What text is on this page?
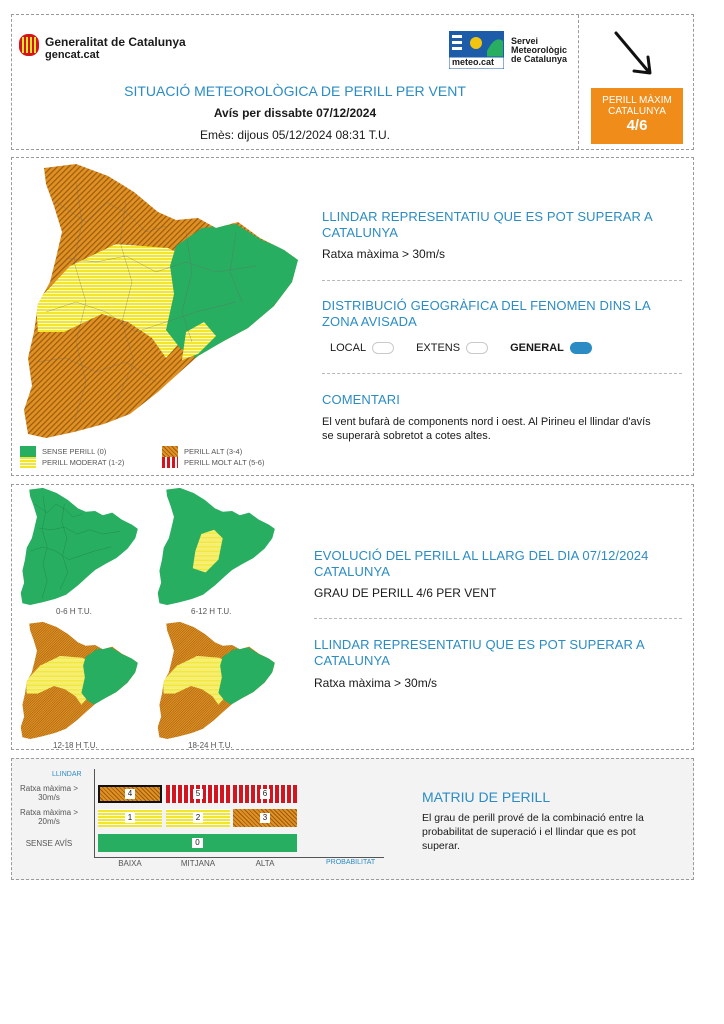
Generalitat de Catalunya
gencat.cat
meteo.cat
Servei
Meteorològic
de Catalunya
SITUACIÓ METEOROLÒGICA DE PERILL PER VENT
Avís per dissabte 07/12/2024
Emès: dijous 05/12/2024 08:31 T.U.
PERILL MÀXIM
CATALUNYA
4/6
SENSE PERILL (0)
PERILL MODERAT (1-2)
PERILL ALT (3-4)
PERILL MOLT ALT (5-6)
LLINDAR REPRESENTATIU QUE ES POT SUPERAR A CATALUNYA
Ratxa màxima > 30m/s
DISTRIBUCIÓ GEOGRÀFICA DEL FENOMEN DINS LA ZONA AVISADA
LOCAL	EXTENS	GENERAL
COMENTARI
El vent bufarà de components nord i oest. Al Pirineu el llindar d'avís se superarà sobretot a cotes altes.
0-6 H T.U.	6-12 H T.U.
12-18 H T.U.	18-24 H T.U.
EVOLUCIÓ DEL PERILL AL LLARG DEL DIA 07/12/2024 CATALUNYA
GRAU DE PERILL 4/6 PER VENT
LLINDAR REPRESENTATIU QUE ES POT SUPERAR A CATALUNYA
Ratxa màxima > 30m/s
LLINDAR
Ratxa màxima > 30m/s
Ratxa màxima > 20m/s
SENSE AVÍS
4	5	6
1	2	3
0
BAIXA	MITJANA	ALTA	PROBABILITAT
MATRIU DE PERILL
El grau de perill prové de la combinació entre la probabilitat de superació i el llindar que es pot superar.
